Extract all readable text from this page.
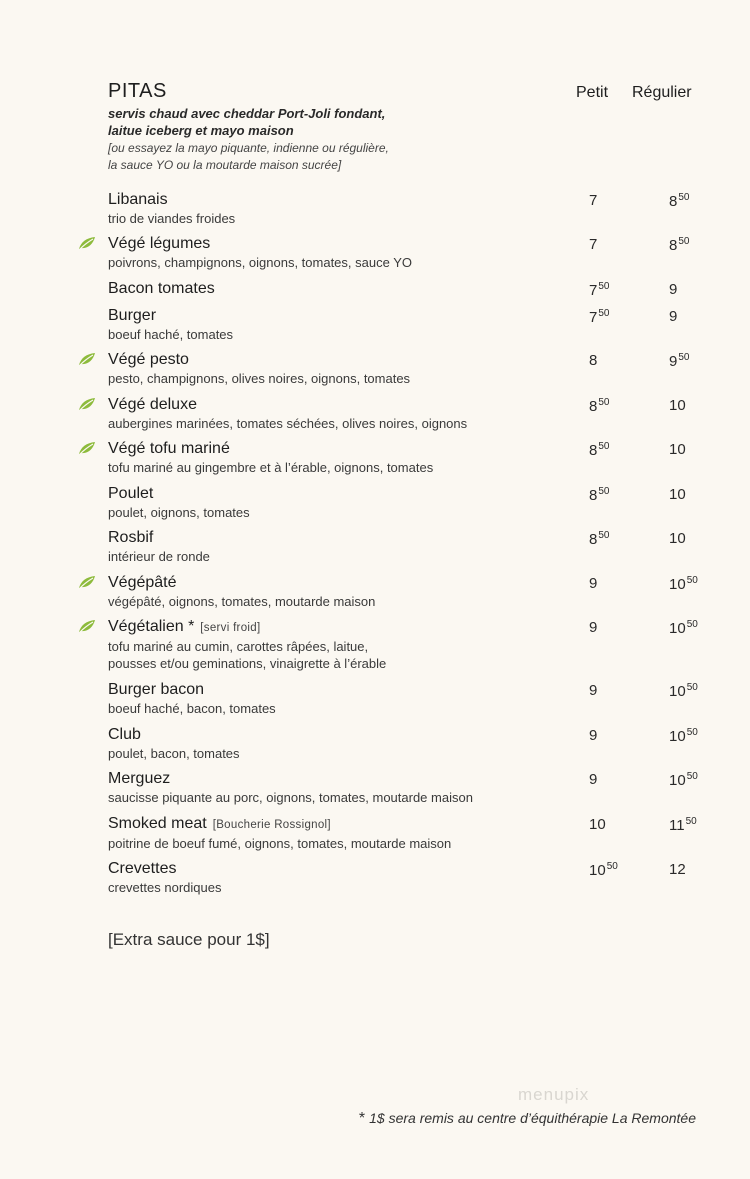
PITAS
servis chaud avec cheddar Port-Joli fondant,
laitue iceberg et mayo maison
[ou essayez la mayo piquante, indienne ou régulière,
la sauce YO ou la moutarde maison sucrée]
Petit Régulier
Libanais
trio de viandes froides
7	$8^{50}$
Végé légumes
poivrons, champignons, oignons, tomates, sauce YO
7	$8^{50}$
Bacon tomates	$7^{50}$	9
Burger
boeuf haché, tomates
$7^{50}$	9
Végé pesto
pesto, champignons, olives noires, oignons, tomates
8	$9^{50}$
Végé deluxe
aubergines marinées, tomates séchées, olives noires, oignons
$8^{50}$	10
Végé tofu mariné
tofu mariné au gingembre et à l’érable, oignons, tomates
$8^{50}$	10
Poulet
poulet, oignons, tomates
$8^{50}$	10
Rosbif
intérieur de ronde
$8^{50}$	10
Végépâté
végépâté, oignons, tomates, moutarde maison
9	$10^{50}$
Végétalien * [servi froid]
tofu mariné au cumin, carottes râpées, laitue,
pousses et/ou geminations, vinaigrette à l’érable
9	$10^{50}$
Burger bacon
boeuf haché, bacon, tomates
9	$10^{50}$
Club
poulet, bacon, tomates
9	$10^{50}$
Merguez
saucisse piquante au porc, oignons, tomates, moutarde maison
9	$10^{50}$
Smoked meat [Boucherie Rossignol]
poitrine de boeuf fumé, oignons, tomates, moutarde maison
10	$11^{50}$
Crevettes
crevettes nordiques
$10^{50}$	12
[Extra sauce pour 1$]
menupix
* 1$ sera remis au centre d’équithérapie La Remontée
